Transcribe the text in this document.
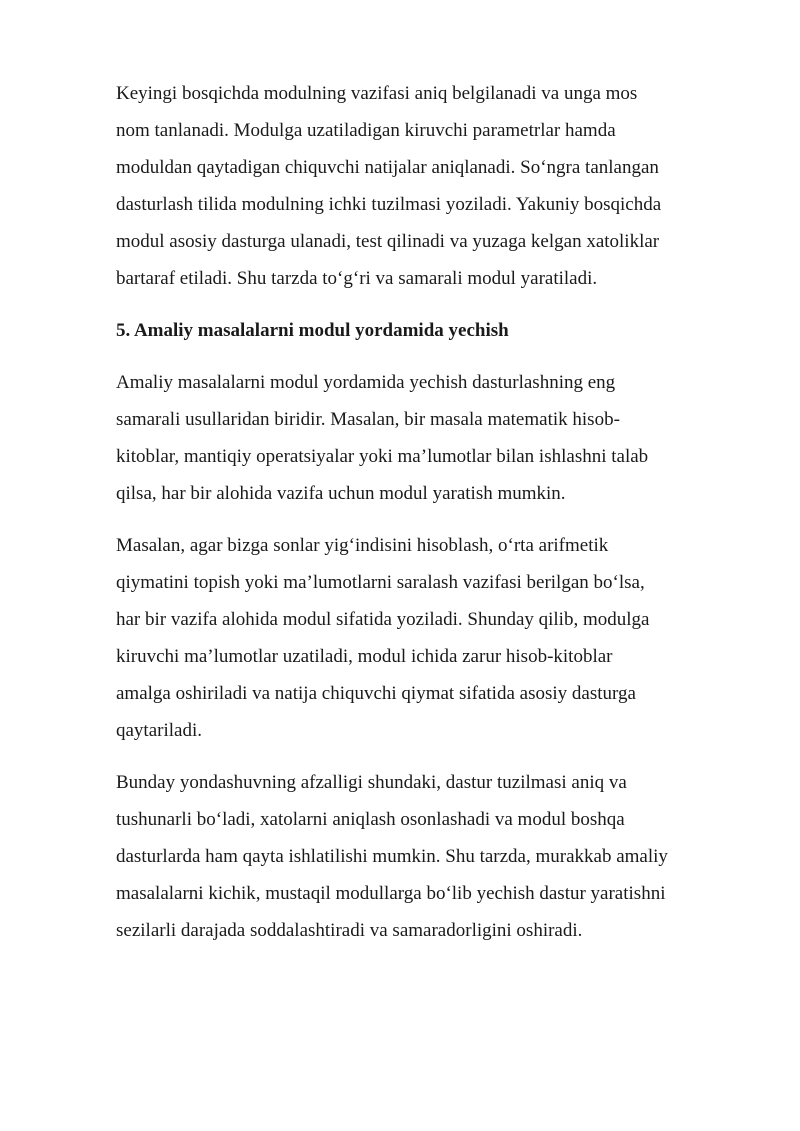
Keyingi bosqichda modulning vazifasi aniq belgilanadi va unga mos
nom tanlanadi. Modulga uzatiladigan kiruvchi parametrlar hamda
moduldan qaytadigan chiquvchi natijalar aniqlanadi. So‘ngra tanlangan
dasturlash tilida modulning ichki tuzilmasi yoziladi. Yakuniy bosqichda
modul asosiy dasturga ulanadi, test qilinadi va yuzaga kelgan xatoliklar
bartaraf etiladi. Shu tarzda to‘g‘ri va samarali modul yaratiladi.

5. Amaliy masalalarni modul yordamida yechish

Amaliy masalalarni modul yordamida yechish dasturlashning eng
samarali usullaridan biridir. Masalan, bir masala matematik hisob-
kitoblar, mantiqiy operatsiyalar yoki ma’lumotlar bilan ishlashni talab
qilsa, har bir alohida vazifa uchun modul yaratish mumkin.

Masalan, agar bizga sonlar yig‘indisini hisoblash, o‘rta arifmetik
qiymatini topish yoki ma’lumotlarni saralash vazifasi berilgan bo‘lsa,
har bir vazifa alohida modul sifatida yoziladi. Shunday qilib, modulga
kiruvchi ma’lumotlar uzatiladi, modul ichida zarur hisob-kitoblar
amalga oshiriladi va natija chiquvchi qiymat sifatida asosiy dasturga
qaytariladi.

Bunday yondashuvning afzalligi shundaki, dastur tuzilmasi aniq va
tushunarli bo‘ladi, xatolarni aniqlash osonlashadi va modul boshqa
dasturlarda ham qayta ishlatilishi mumkin. Shu tarzda, murakkab amaliy
masalalarni kichik, mustaqil modullarga bo‘lib yechish dastur yaratishni
sezilarli darajada soddalashtiradi va samaradorligini oshiradi.
